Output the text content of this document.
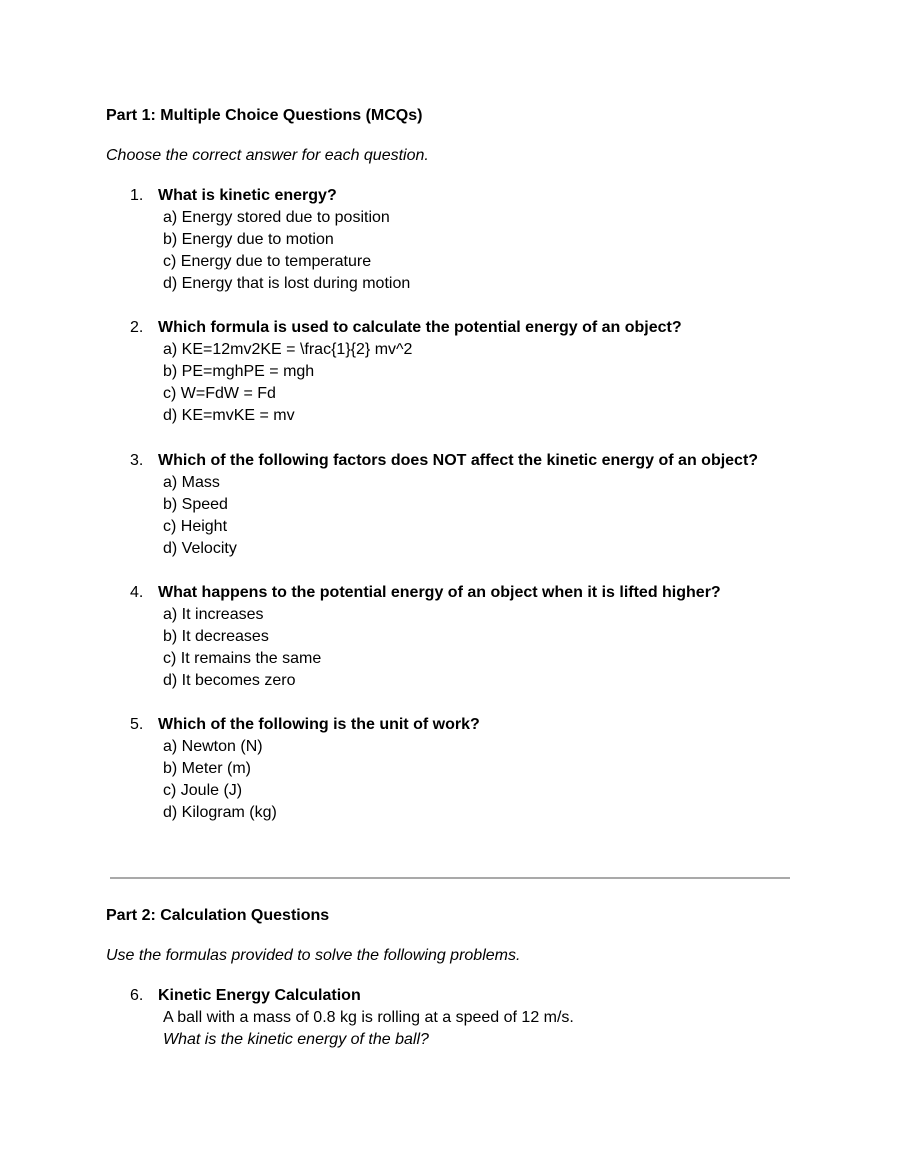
Part 1: Multiple Choice Questions (MCQs)
Choose the correct answer for each question.
1. What is kinetic energy?
a) Energy stored due to position
b) Energy due to motion
c) Energy due to temperature
d) Energy that is lost during motion
2. Which formula is used to calculate the potential energy of an object?
a) KE=12mv2KE = \frac{1}{2} mv^2
b) PE=mghPE = mgh
c) W=FdW = Fd
d) KE=mvKE = mv
3. Which of the following factors does NOT affect the kinetic energy of an object?
a) Mass
b) Speed
c) Height
d) Velocity
4. What happens to the potential energy of an object when it is lifted higher?
a) It increases
b) It decreases
c) It remains the same
d) It becomes zero
5. Which of the following is the unit of work?
a) Newton (N)
b) Meter (m)
c) Joule (J)
d) Kilogram (kg)
Part 2: Calculation Questions
Use the formulas provided to solve the following problems.
6. Kinetic Energy Calculation
A ball with a mass of 0.8 kg is rolling at a speed of 12 m/s.
What is the kinetic energy of the ball?
